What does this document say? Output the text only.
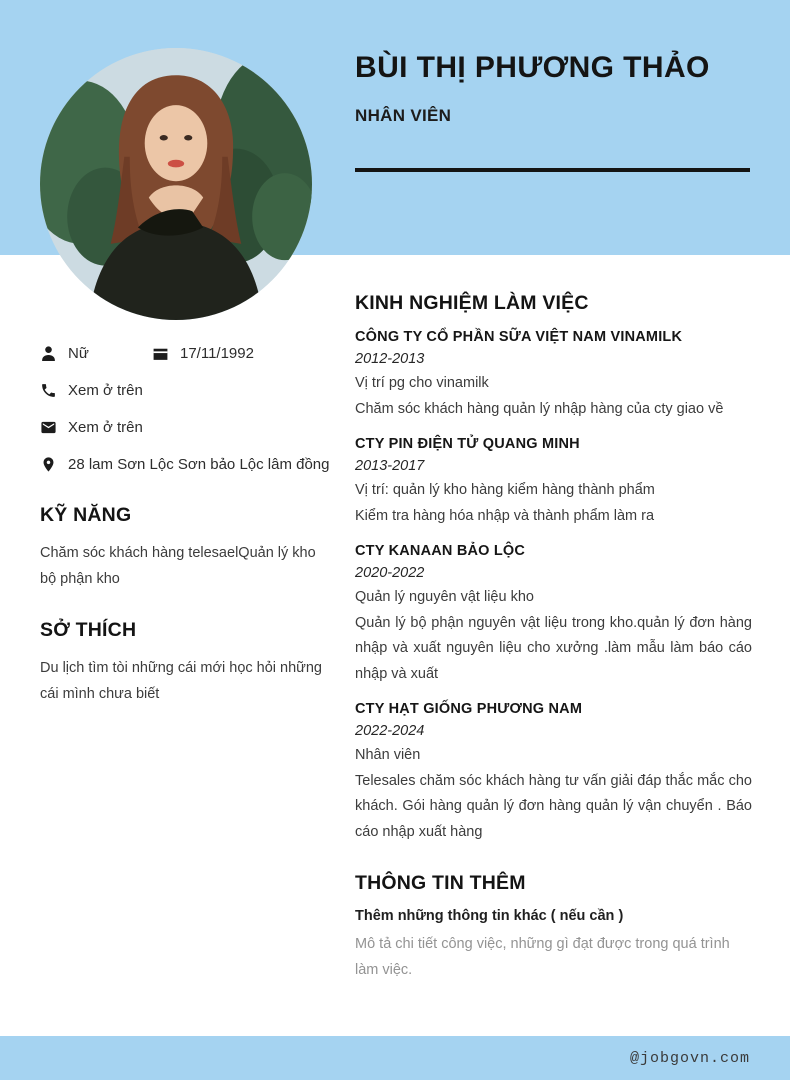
BÙI THỊ PHƯƠNG THẢO
NHÂN VIÊN
Nữ	17/11/1992
Xem ở trên
Xem ở trên
28 lam Sơn Lộc Sơn bảo Lộc lâm đồng
KỸ NĂNG

Chăm sóc khách hàng telesaelQuản lý kho bộ phận kho

SỞ THÍCH

Du lịch tìm tòi những cái mới học hỏi những cái mình chưa biết

KINH NGHIỆM LÀM VIỆC
CÔNG TY CỔ PHẦN SỮA VIỆT NAM VINAMILK
2012-2013

Vị trí pg cho vinamilk

Chăm sóc khách hàng quản lý nhập hàng của cty giao về

CTY PIN ĐIỆN TỬ QUANG MINH
2013-2017

Vị trí: quản lý kho hàng kiểm hàng thành phẩm

Kiểm tra hàng hóa nhập và thành phẩm làm ra

CTY KANAAN BẢO LỘC
2020-2022

Quản lý nguyên vật liệu kho

Quản lý bộ phận nguyên vật liệu trong kho.quản lý đơn hàng nhập và xuất nguyên liệu cho xưởng .làm mẫu làm báo cáo nhập và xuất

CTY HẠT GIỐNG PHƯƠNG NAM
2022-2024

Nhân viên

Telesales chăm sóc khách hàng tư vấn giải đáp thắc mắc cho khách. Gói hàng quản lý đơn hàng quản lý vận chuyển . Báo cáo nhập xuất hàng

THÔNG TIN THÊM

Thêm những thông tin khác ( nếu cần )

Mô tả chi tiết công việc, những gì đạt được trong quá trình làm việc.

@jobgovn.com
